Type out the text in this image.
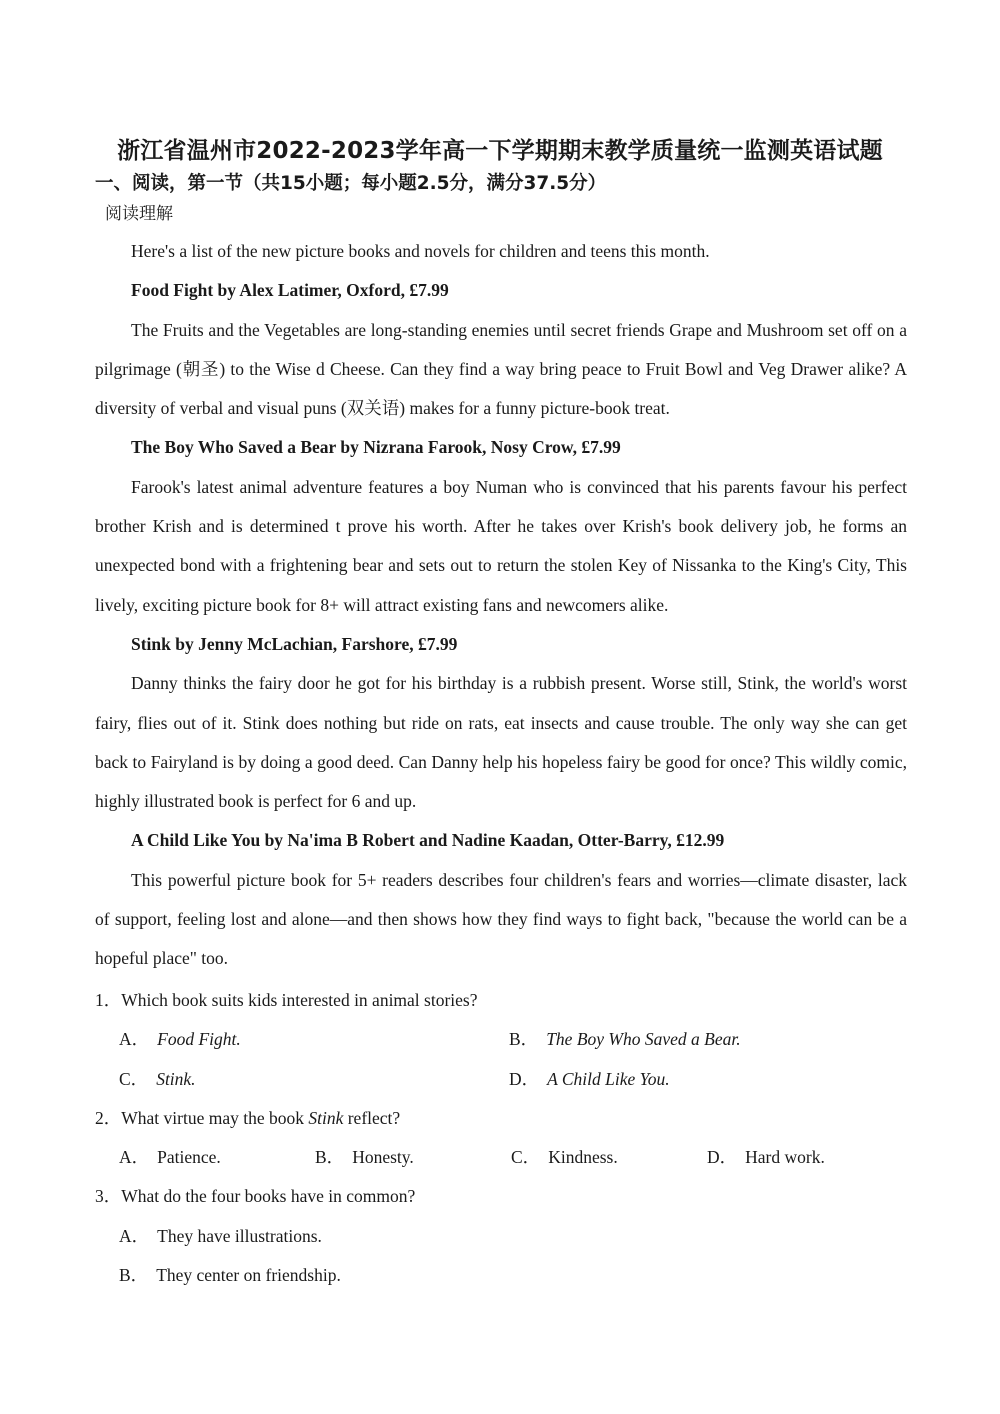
浙江省温州市2022-2023学年高一下学期期末教学质量统一监测英语试题
一、阅读，第一节（共15小题；每小题2.5分，满分37.5分）
阅读理解

Here's a list of the new picture books and novels for children and teens this month.

Food Fight by Alex Latimer, Oxford, £7.99

The Fruits and the Vegetables are long-standing enemies until secret friends Grape and Mushroom set off on a pilgrimage (朝圣) to the Wise d Cheese. Can they find a way bring peace to Fruit Bowl and Veg Drawer alike? A diversity of verbal and visual puns (双关语) makes for a funny picture-book treat.

The Boy Who Saved a Bear by Nizrana Farook, Nosy Crow, £7.99

Farook's latest animal adventure features a boy Numan who is convinced that his parents favour his perfect brother Krish and is determined t prove his worth. After he takes over Krish's book delivery job, he forms an unexpected bond with a frightening bear and sets out to return the stolen Key of Nissanka to the King's City, This lively, exciting picture book for 8+ will attract existing fans and newcomers alike.

Stink by Jenny McLachian, Farshore, £7.99

Danny thinks the fairy door he got for his birthday is a rubbish present. Worse still, Stink, the world's worst fairy, flies out of it. Stink does nothing but ride on rats, eat insects and cause trouble. The only way she can get back to Fairyland is by doing a good deed. Can Danny help his hopeless fairy be good for once? This wildly comic, highly illustrated book is perfect for 6 and up.

A Child Like You by Na'ima B Robert and Nadine Kaadan, Otter-Barry, £12.99

This powerful picture book for 5+ readers describes four children's fears and worries—climate disaster, lack of support, feeling lost and alone—and then shows how they find ways to fight back, "because the world can be a hopeful place" too.

1．Which book suits kids interested in animal stories?
A． Food Fight.	B． The Boy Who Saved a Bear.
C． Stink.	D． A Child Like You.
2．What virtue may the book Stink reflect?
A． Patience.	B． Honesty.	C． Kindness.	D． Hard work.
3．What do the four books have in common?
A． They have illustrations.
B． They center on friendship.
